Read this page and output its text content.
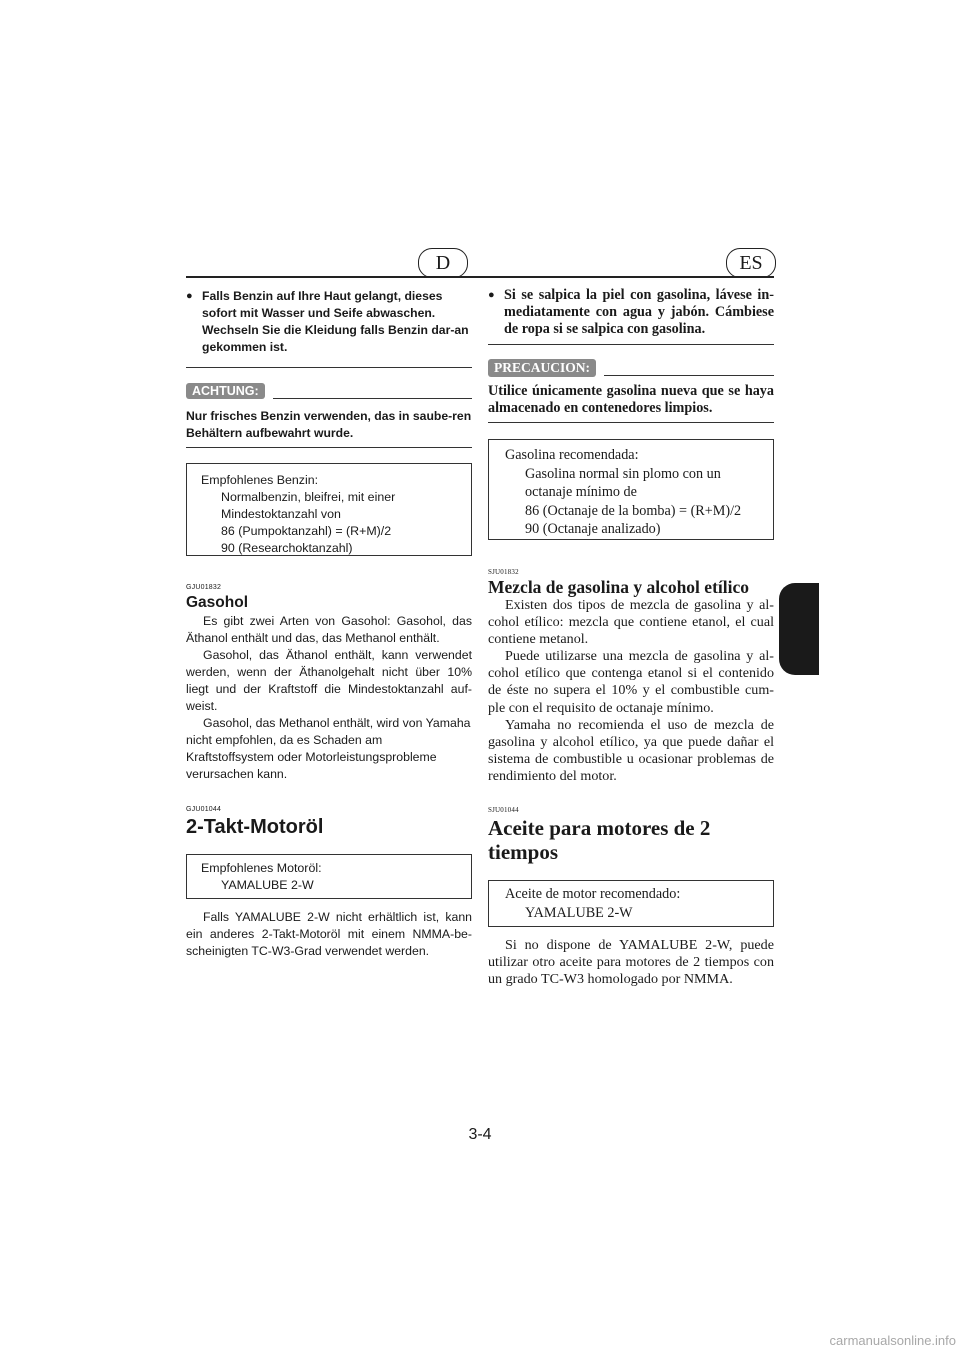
D	ES
● Falls Benzin auf Ihre Haut gelangt, dieses sofort mit Wasser und Seife abwaschen. Wechseln Sie die Kleidung falls Benzin dar-an gekommen ist.
ACHTUNG:
Nur frisches Benzin verwenden, das in saube-ren Behältern aufbewahrt wurde.
Empfohlenes Benzin:
Normalbenzin, bleifrei, mit einer
Mindestoktanzahl von
86 (Pumpoktanzahl) = (R+M)/2
90 (Researchoktanzahl)
GJU01832
Gasohol

Es gibt zwei Arten von Gasohol: Gasohol, das Äthanol enthält und das, das Methanol enthält.

Gasohol, das Äthanol enthält, kann verwendet werden, wenn der Äthanolgehalt nicht über 10% liegt und der Kraftstoff die Mindestoktanzahl auf-weist.

Gasohol, das Methanol enthält, wird von Yamaha nicht empfohlen, da es Schaden am Kraftstoffsystem oder Motorleistungsprobleme verursachen kann.

GJU01044
2-Takt-Motoröl
Empfohlenes Motoröl:
YAMALUBE 2-W

Falls YAMALUBE 2-W nicht erhältlich ist, kann ein anderes 2-Takt-Motoröl mit einem NMMA-be-scheinigten TC-W3-Grad verwendet werden.

● Si se salpica la piel con gasolina, lávese in-mediatamente con agua y jabón. Cámbiese de ropa si se salpica con gasolina.
PRECAUCION:
Utilice únicamente gasolina nueva que se haya almacenado en contenedores limpios.
Gasolina recomendada:
Gasolina normal sin plomo con un
octanaje mínimo de
86 (Octanaje de la bomba) = (R+M)/2
90 (Octanaje analizado)
SJU01832
Mezcla de gasolina y alcohol etílico

Existen dos tipos de mezcla de gasolina y al-cohol etílico: mezcla que contiene etanol, el cual contiene metanol.

Puede utilizarse una mezcla de gasolina y al-cohol etílico que contenga etanol si el contenido de éste no supera el 10% y el combustible cum-ple con el requisito de octanaje mínimo.

Yamaha no recomienda el uso de mezcla de gasolina y alcohol etílico, ya que puede dañar el sistema de combustible u ocasionar problemas de rendimiento del motor.

SJU01044
Aceite para motores de 2 tiempos
Aceite de motor recomendado:
YAMALUBE 2-W

Si no dispone de YAMALUBE 2-W, puede utilizar otro aceite para motores de 2 tiempos con un grado TC-W3 homologado por NMMA.

3-4
carmanualsonline.info
